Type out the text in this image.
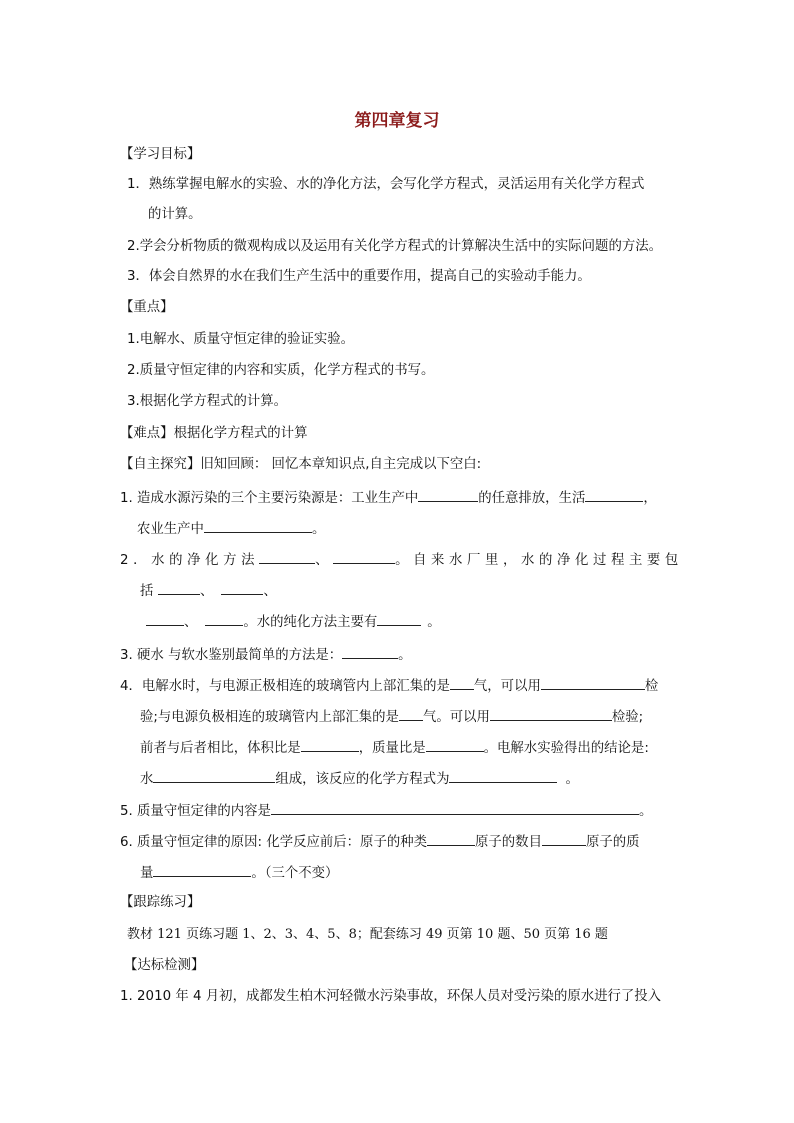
第四章复习
【学习目标】
1．熟练掌握电解水的实验、水的净化方法，会写化学方程式，灵活运用有关化学方程式
的计算。
2.学会分析物质的微观构成以及运用有关化学方程式的计算解决生活中的实际问题的方法。
3．体会自然界的水在我们生产生活中的重要作用，提高自己的实验动手能力。
【重点】
1.电解水、质量守恒定律的验证实验。
2.质量守恒定律的内容和实质，化学方程式的书写。
3.根据化学方程式的计算。
【难点】根据化学方程式的计算
【自主探究】旧知回顾： 回忆本章知识点,自主完成以下空白:
1. 造成水源污染的三个主要污染源是：工业生产中	的任意排放，生活	，
农业生产中	。
2．水的净化方法	、	。自来水厂里，水的净化过程主要包
括	、	、
、	。水的纯化方法主要有	。
3. 硬水 与软水鉴别最简单的方法是：	。
4．电解水时，与电源正极相连的玻璃管内上部汇集的是 气，可以用	检
验;与电源负极相连的玻璃管内上部汇集的是 气。可以用	检验;
前者与后者相比，体积比是	，质量比是	。电解水实验得出的结论是:
水	组成，该反应的化学方程式为	。
5. 质量守恒定律的内容是	。
6. 质量守恒定律的原因: 化学反应前后：原子的种类	原子的数目	原子的质
量	。（三个不变）
【跟踪练习】
教材 121 页练习题 1、2、3、4、5、8；配套练习 49 页第 10 题、50 页第 16 题
【达标检测】
1. 2010 年 4 月初，成都发生柏木河轻微水污染事故，环保人员对受污染的原水进行了投入
